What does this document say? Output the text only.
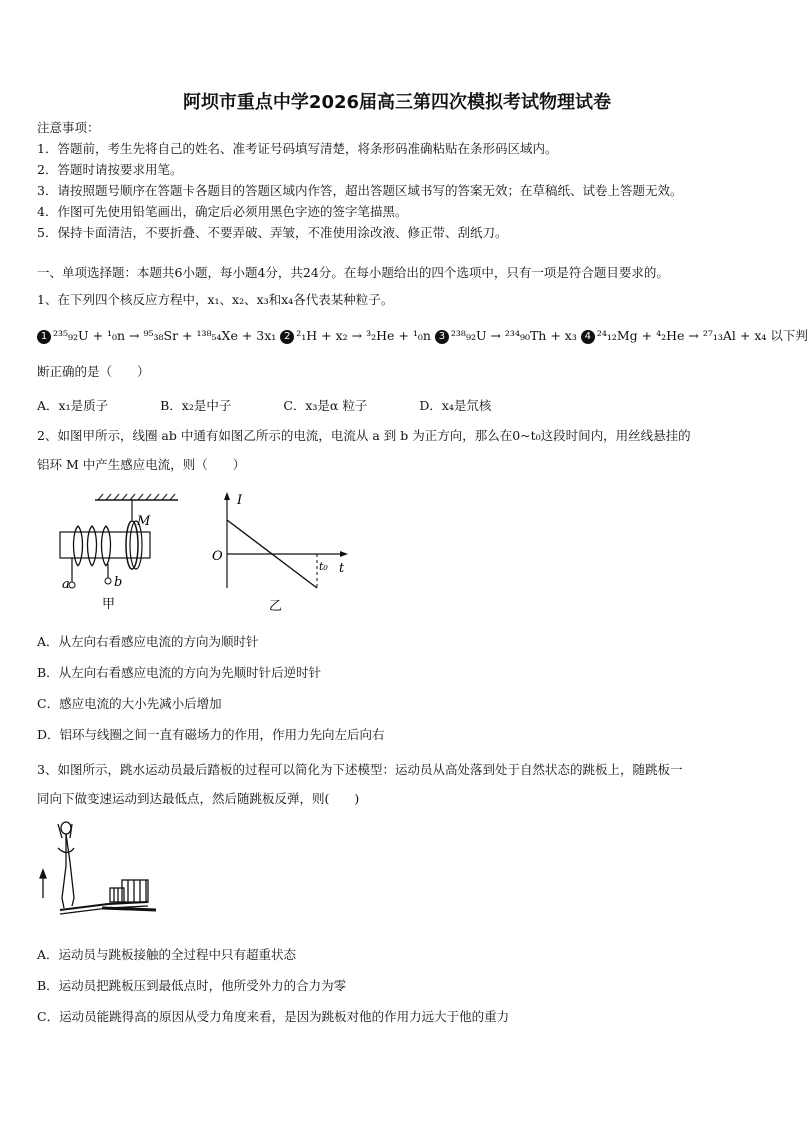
阿坝市重点中学2026届高三第四次模拟考试物理试卷
注意事项：
1．答题前，考生先将自己的姓名、准考证号码填写清楚，将条形码准确粘贴在条形码区域内。
2．答题时请按要求用笔。
3．请按照题号顺序在答题卡各题目的答题区域内作答，超出答题区域书写的答案无效；在草稿纸、试卷上答题无效。
4．作图可先使用铅笔画出，确定后必须用黑色字迹的签字笔描黑。
5．保持卡面清洁，不要折叠、不要弄破、弄皱，不准使用涂改液、修正带、刮纸刀。
一、单项选择题：本题共6小题，每小题4分，共24分。在每小题给出的四个选项中，只有一项是符合题目要求的。
1、在下列四个核反应方程中，x₁、x₂、x₃和x₄各代表某种粒子。
1 ²³⁵₉₂U + ¹₀n → ⁹⁵₃₈Sr + ¹³⁸₅₄Xe + 3x₁ 2 ²₁H + x₂ → ³₂He + ¹₀n 3 ²³⁸₉₂U → ²³⁴₉₀Th + x₃ 4 ²⁴₁₂Mg + ⁴₂He → ²⁷₁₃Al + x₄ 以下判
断正确的是（　　）
A．x₁是质子	B．x₂是中子	C．x₃是α 粒子	D．x₄是氘核
2、如图甲所示，线圈 ab 中通有如图乙所示的电流，电流从 a 到 b 为正方向，那么在0~t₀这段时间内，用丝线悬挂的
铝环 M 中产生感应电流，则（　　）
M
a	b
甲
I
O
t₀ t
乙
A．从左向右看感应电流的方向为顺时针
B．从左向右看感应电流的方向为先顺时针后逆时针
C．感应电流的大小先减小后增加
D．铝环与线圈之间一直有磁场力的作用，作用力先向左后向右
3、如图所示，跳水运动员最后踏板的过程可以简化为下述模型：运动员从高处落到处于自然状态的跳板上，随跳板一
同向下做变速运动到达最低点，然后随跳板反弹，则(　　)
A．运动员与跳板接触的全过程中只有超重状态
B．运动员把跳板压到最低点时，他所受外力的合力为零
C．运动员能跳得高的原因从受力角度来看，是因为跳板对他的作用力远大于他的重力
